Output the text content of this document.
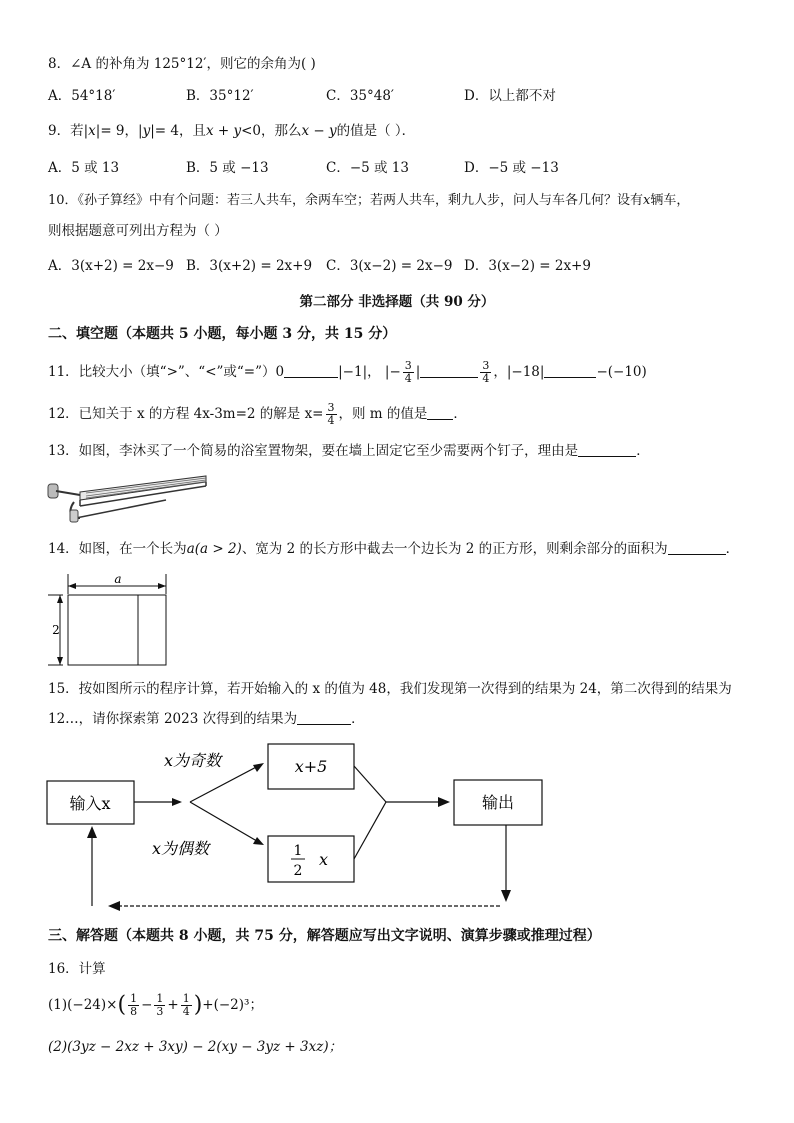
8．∠A 的补角为 125°12′，则它的余角为( )
A．54°18′	B．35°12′	C．35°48′	D．以上都不对
9．若|x|= 9，|y|= 4，且x + y<0，那么x − y的值是（ ）．
A．5 或 13	B．5 或 −13	C．−5 或 13	D．−5 或 −13
10．《孙子算经》中有个问题：若三人共车，余两车空；若两人共车，剩九人步，问人与车各几何？设有x辆车，
则根据题意可列出方程为（ ）
A．3(x+2) = 2x−9 B．3(x+2) = 2x+9 C．3(x−2) = 2x−9 D．3(x−2) = 2x+9
第二部分 非选择题（共 90 分）
二、填空题（本题共 5 小题，每小题 3 分，共 15 分）
11．比较大小（填“>”、“<”或“=”）0	|−1|， |− $\frac{3}{4}$ |	$\frac{3}{4}$ ，|−18|	−(−10)
12．已知关于 x 的方程 4x-3m=2 的解是 $x= \frac{3}{4}$ ，则 m 的值是 ．
13．如图，李沐买了一个简易的浴室置物架，要在墙上固定它至少需要两个钉子，理由是	．
14．如图，在一个长为a(a > 2)、宽为 2 的长方形中截去一个边长为 2 的正方形，则剩余部分的面积为	．
a
2
15．按如图所示的程序计算，若开始输入的 x 的值为 48，我们发现第一次得到的结果为 24，第二次得到的结果为
12…，请你探索第 2023 次得到的结果为	．
输入x
x为奇数
x为偶数
x+5
1
2
x
输出
三、解答题（本题共 8 小题，共 75 分，解答题应写出文字说明、演算步骤或推理过程）
16．计算
$(1)(-24)\times( \frac{1}{8} - \frac{1}{3} + \frac{1}{4} )+(-2)^3$；
(2)(3yz − 2xz + 3xy) − 2(xy − 3yz + 3xz)；
